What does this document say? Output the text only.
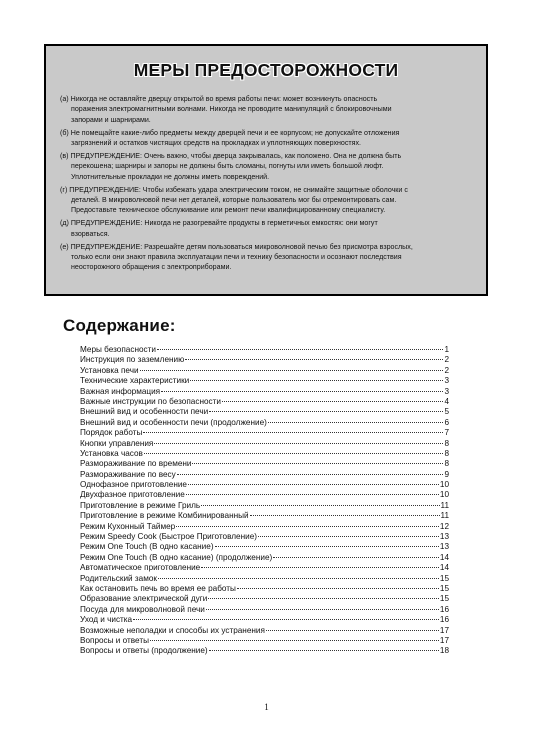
МЕРЫ ПРЕДОСТОРОЖНОСТИ
(а) Никогда не оставляйте дверцу открытой во время работы печи: может возникнуть опасность
поражения электромагнитными волнами. Никогда не проводите манипуляций с блокировочными
запорами и шарнирами.
(б) Не помещайте какие-либо предметы между дверцей печи и ее корпусом; не допускайте отложения
загрязнений и остатков чистящих средств на прокладках и уплотняющих поверхностях.
(в) ПРЕДУПРЕЖДЕНИЕ: Очень важно, чтобы дверца закрывалась, как положено. Она не должна быть
перекошена; шарниры и запоры не должны быть сломаны, погнуты или иметь большой люфт.
Уплотнительные прокладки не должны иметь повреждений.
(г) ПРЕДУПРЕЖДЕНИЕ: Чтобы избежать удара электрическим током, не снимайте защитные оболочки с
деталей. В микроволновой печи нет деталей, которые пользователь мог бы отремонтировать сам.
Предоставьте техническое обслуживание или ремонт печи квалифицированному специалисту.
(д) ПРЕДУПРЕЖДЕНИЕ: Никогда не разогревайте продукты в герметичных емкостях: они могут
взорваться.
(е) ПРЕДУПРЕЖДЕНИЕ: Разрешайте детям пользоваться микроволновой печью без присмотра взрослых,
только если они знают правила эксплуатации печи и технику безопасности и осознают последствия
неосторожного обращения с электроприборами.
Содержание:
Меры безопасности	1
Инструкция по заземлению	2
Установка печи	2
Технические характеристики	3
Важная информация	3
Важные инструкции по безопасности	4
Внешний вид и особенности печи	5
Внешний вид и особенности печи (продолжение)	6
Порядок работы	7
Кнопки управления	8
Установка часов	8
Размораживание по времени	8
Размораживание по весу	9
Однофазное приготовление	10
Двухфазное приготовление	10
Приготовление в режиме Гриль	11
Приготовление в режиме Комбинированный	11
Режим Кухонный Таймер	12
Режим Speedy Cook (Быстрое Приготовление)	13
Режим One Touch (В одно касание)	13
Режим One Touch (В одно касание) (продолжение)	14
Автоматическое приготовление	14
Родительский замок	15
Как остановить печь во время ее работы	15
Образование электрической дуги	15
Посуда для микроволновой печи	16
Уход и чистка	16
Возможные неполадки и способы их устранения	17
Вопросы и ответы	17
Вопросы и ответы (продолжение)	18
1
